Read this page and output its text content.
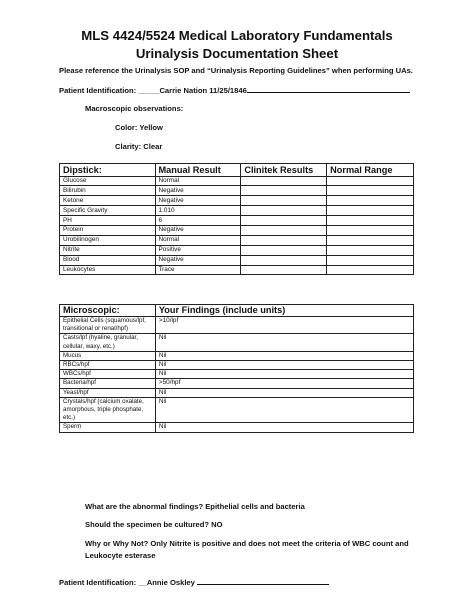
MLS 4424/5524 Medical Laboratory Fundamentals
Urinalysis Documentation Sheet
Please reference the Urinalysis SOP and “Urinalysis Reporting Guidelines” when performing UAs.
Patient Identification: _____Carrie Nation 11/25/1846
Macroscopic observations:
Color: Yellow
Clarity: Clear
Dipstick:	Manual Result	Clinitek Results	Normal Range
Glucose	Normal		
Bilirubin	Negative		
Ketone	Negative		
Specific Gravity	1.010		
PH	6		
Protein	Negative		
Urobilinogen	Normal		
Nitrite	Positive		
Blood	Negative		
Leukocytes	Trace		
Microscopic:	Your Findings (include units)
Epithelial Cells (squamous/lpf, transitional or renal/hpf)	>10/lpf
Casts/lpf (hyaline, granular, cellular, waxy, etc.)	Nil
Mucus	Nil
RBCs/hpf	Nil
WBCs/hpf	Nil
Bacteria/hpf	>50/hpf
Yeast/hpf	Nil
Crystals/hpf (calcium oxalate, amorphous, triple phosphate, etc.)	Nil
Sperm	Nil
What are the abnormal findings? Epithelial cells and bacteria
Should the specimen be cultured? NO
Why or Why Not? Only Nitrite is positive and does not meet the criteria of WBC count and Leukocyte esterase
Patient Identification: __Annie Oskley
